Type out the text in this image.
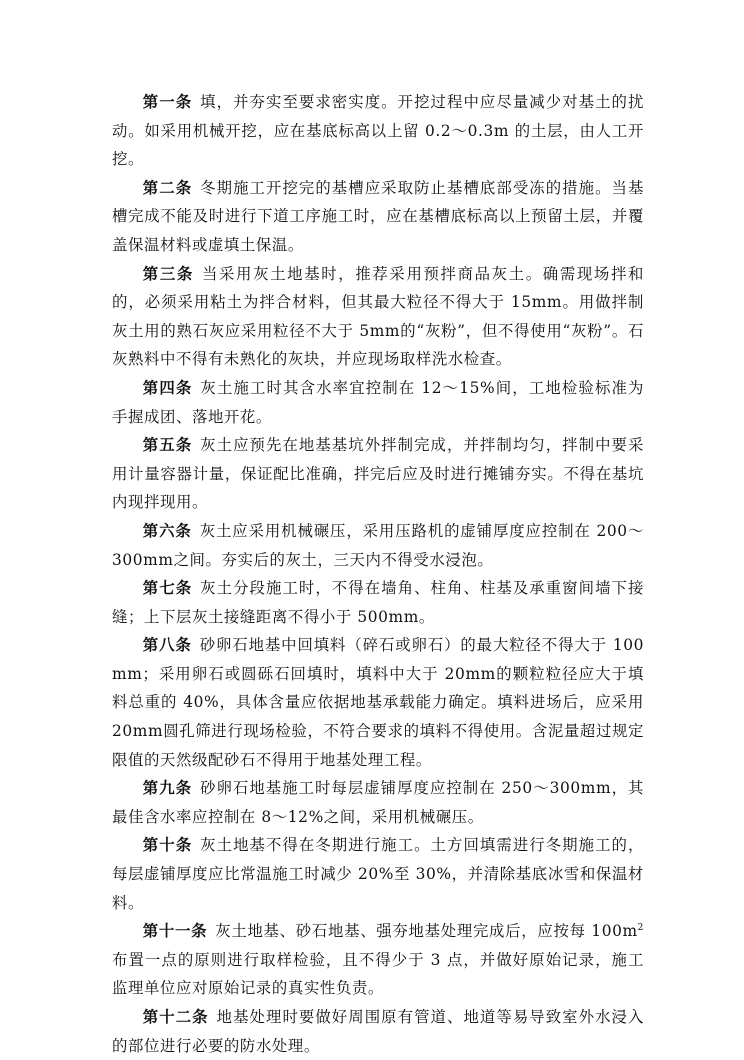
第一条 填，并夯实至要求密实度。开挖过程中应尽量减少对基土的扰动。如采用机械开挖，应在基底标高以上留 0.2～0.3m 的土层，由人工开挖。

第二条 冬期施工开挖完的基槽应采取防止基槽底部受冻的措施。当基槽完成不能及时进行下道工序施工时，应在基槽底标高以上预留土层，并覆盖保温材料或虚填土保温。

第三条 当采用灰土地基时，推荐采用预拌商品灰土。确需现场拌和的，必须采用粘土为拌合材料，但其最大粒径不得大于 15mm。用做拌制灰土用的熟石灰应采用粒径不大于 5mm的“灰粉”，但不得使用“灰粉”。石灰熟料中不得有未熟化的灰块，并应现场取样洗水检查。

第四条 灰土施工时其含水率宜控制在 12～15%间，工地检验标准为手握成团、落地开花。

第五条 灰土应预先在地基基坑外拌制完成，并拌制均匀，拌制中要采用计量容器计量，保证配比准确，拌完后应及时进行摊铺夯实。不得在基坑内现拌现用。

第六条 灰土应采用机械碾压，采用压路机的虚铺厚度应控制在 200～300mm之间。夯实后的灰土，三天内不得受水浸泡。

第七条 灰土分段施工时，不得在墙角、柱角、柱基及承重窗间墙下接缝；上下层灰土接缝距离不得小于 500mm。

第八条 砂卵石地基中回填料（碎石或卵石）的最大粒径不得大于 100mm；采用卵石或圆砾石回填时，填料中大于 20mm的颗粒粒径应大于填料总重的 40%，具体含量应依据地基承载能力确定。填料进场后，应采用 20mm圆孔筛进行现场检验，不符合要求的填料不得使用。含泥量超过规定限值的天然级配砂石不得用于地基处理工程。

第九条 砂卵石地基施工时每层虚铺厚度应控制在 250～300mm，其最佳含水率应控制在 8～12%之间，采用机械碾压。

第十条 灰土地基不得在冬期进行施工。土方回填需进行冬期施工的，每层虚铺厚度应比常温施工时减少 20%至 30%，并清除基底冰雪和保温材料。

第十一条 灰土地基、砂石地基、强夯地基处理完成后，应按每 $100m^2$布置一点的原则进行取样检验，且不得少于 3 点，并做好原始记录，施工监理单位应对原始记录的真实性负责。

第十二条 地基处理时要做好周围原有管道、地道等易导致室外水浸入的部位进行必要的防水处理。
